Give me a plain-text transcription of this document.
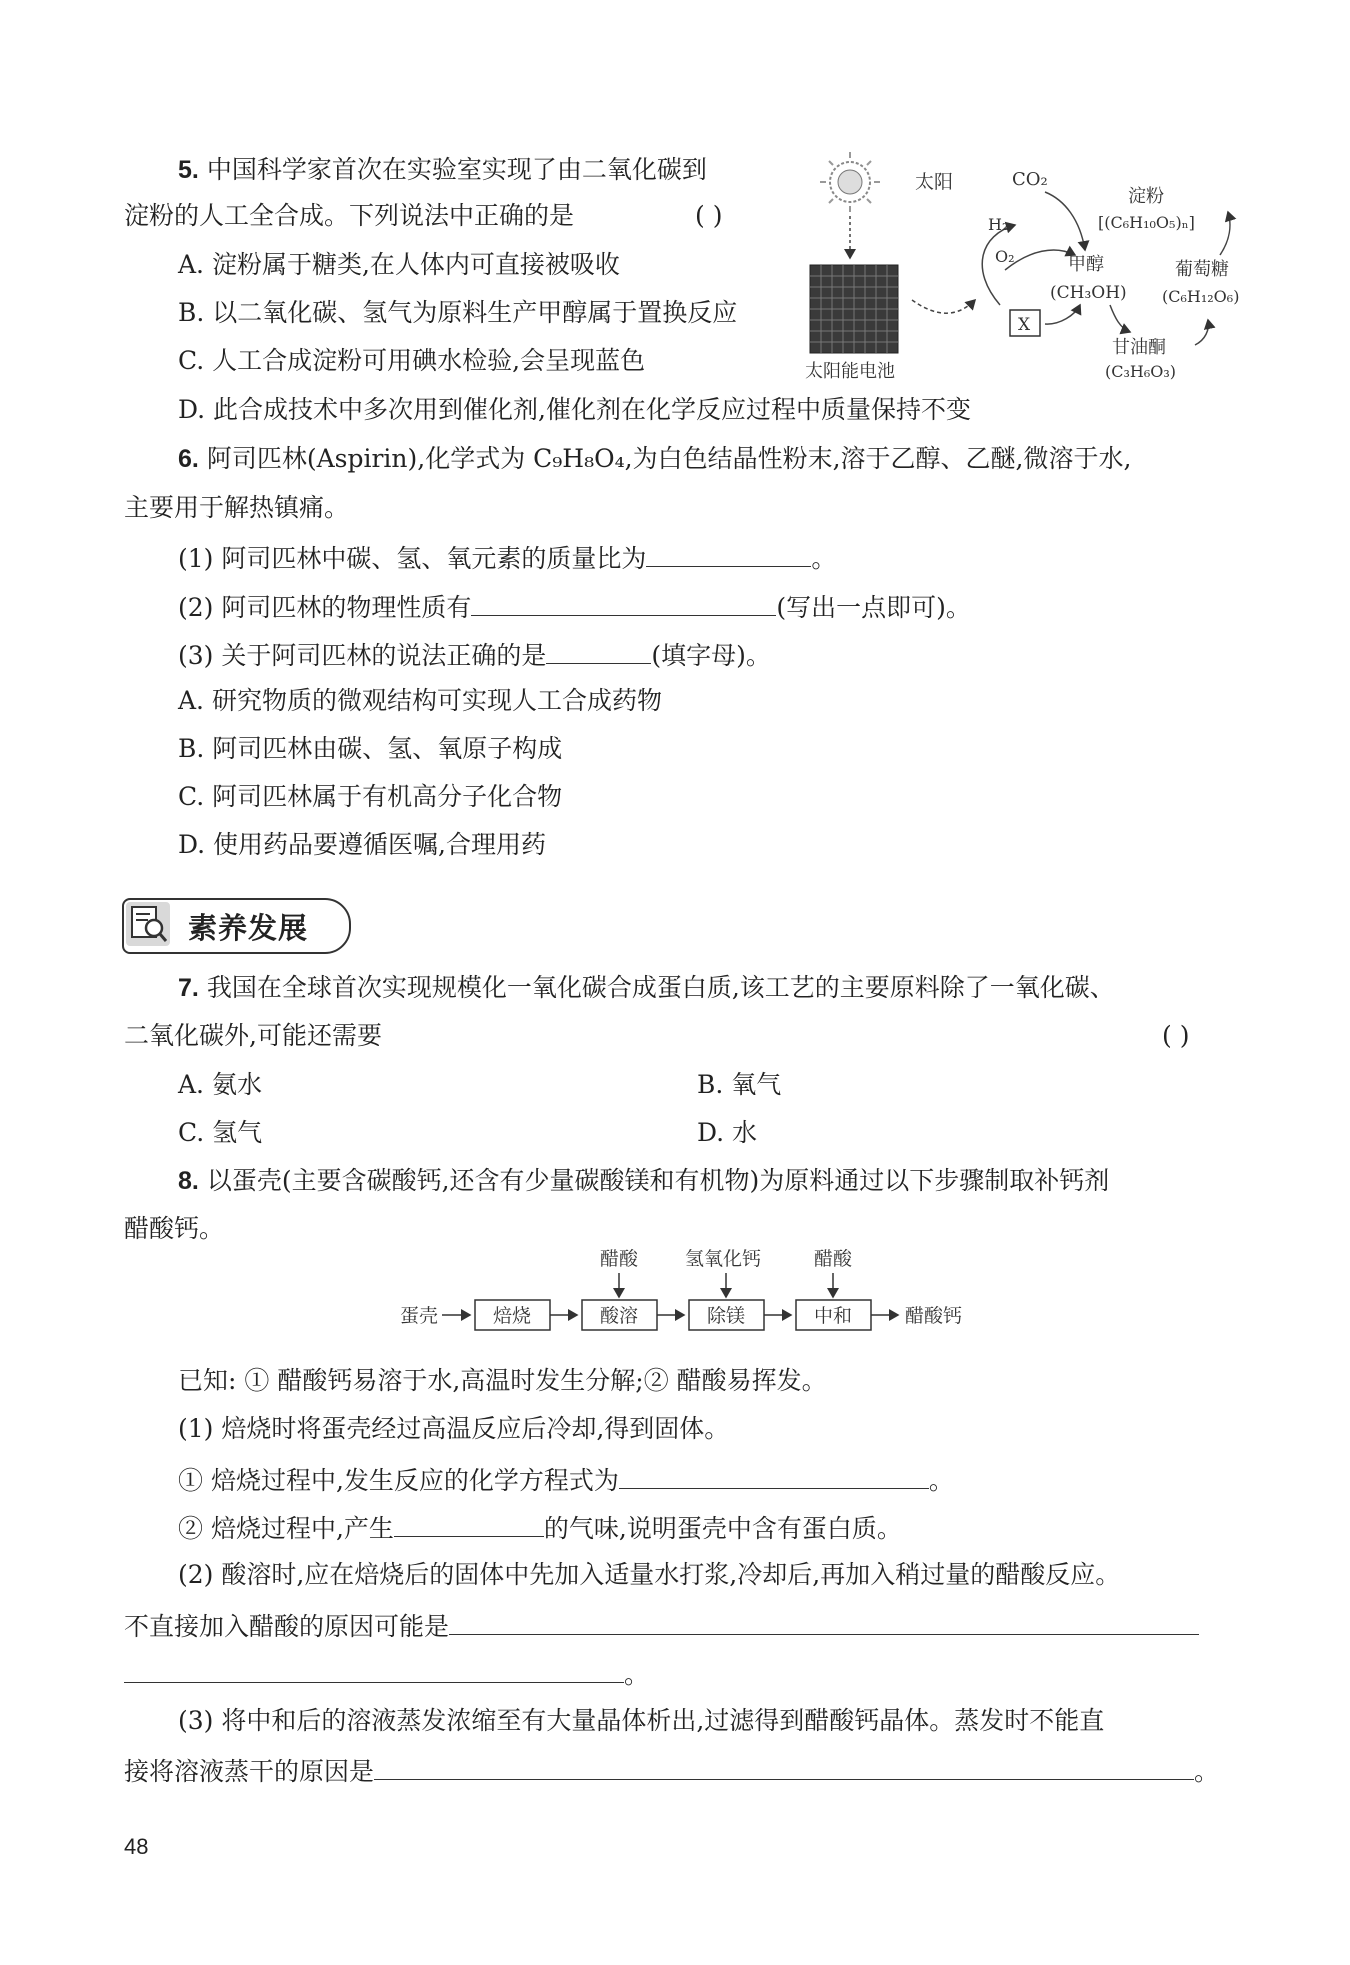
5. 中国科学家首次在实验室实现了由二氧化碳到
淀粉的人工全合成。下列说法中正确的是	( )
A. 淀粉属于糖类,在人体内可直接被吸收
B. 以二氧化碳、氢气为原料生产甲醇属于置换反应
C. 人工合成淀粉可用碘水检验,会呈现蓝色
D. 此合成技术中多次用到催化剂,催化剂在化学反应过程中质量保持不变
太阳
太阳能电池
H₂
O₂
CO₂
甲醇
(CH₃OH)
X
甘油酮
(C₃H₆O₃)
葡萄糖
(C₆H₁₂O₆)
淀粉
[(C₆H₁₀O₅)ₙ]
6. 阿司匹林(Aspirin),化学式为 C₉H₈O₄,为白色结晶性粉末,溶于乙醇、乙醚,微溶于水,
主要用于解热镇痛。
(1) 阿司匹林中碳、氢、氧元素的质量比为	。
(2) 阿司匹林的物理性质有	(写出一点即可)。
(3) 关于阿司匹林的说法正确的是	(填字母)。
A. 研究物质的微观结构可实现人工合成药物
B. 阿司匹林由碳、氢、氧原子构成
C. 阿司匹林属于有机高分子化合物
D. 使用药品要遵循医嘱,合理用药
素养发展
7. 我国在全球首次实现规模化一氧化碳合成蛋白质,该工艺的主要原料除了一氧化碳、
二氧化碳外,可能还需要	( )
A. 氨水	B. 氧气
C. 氢气	D. 水
8. 以蛋壳(主要含碳酸钙,还含有少量碳酸镁和有机物)为原料通过以下步骤制取补钙剂
醋酸钙。
蛋壳	焙烧	酸溶	除镁	中和	醋酸钙
醋酸 氢氧化钙	醋酸
已知: ① 醋酸钙易溶于水,高温时发生分解;② 醋酸易挥发。
(1) 焙烧时将蛋壳经过高温反应后冷却,得到固体。
① 焙烧过程中,发生反应的化学方程式为	。
② 焙烧过程中,产生	的气味,说明蛋壳中含有蛋白质。
(2) 酸溶时,应在焙烧后的固体中先加入适量水打浆,冷却后,再加入稍过量的醋酸反应。
不直接加入醋酸的原因可能是
。
(3) 将中和后的溶液蒸发浓缩至有大量晶体析出,过滤得到醋酸钙晶体。蒸发时不能直
接将溶液蒸干的原因是	。
48
